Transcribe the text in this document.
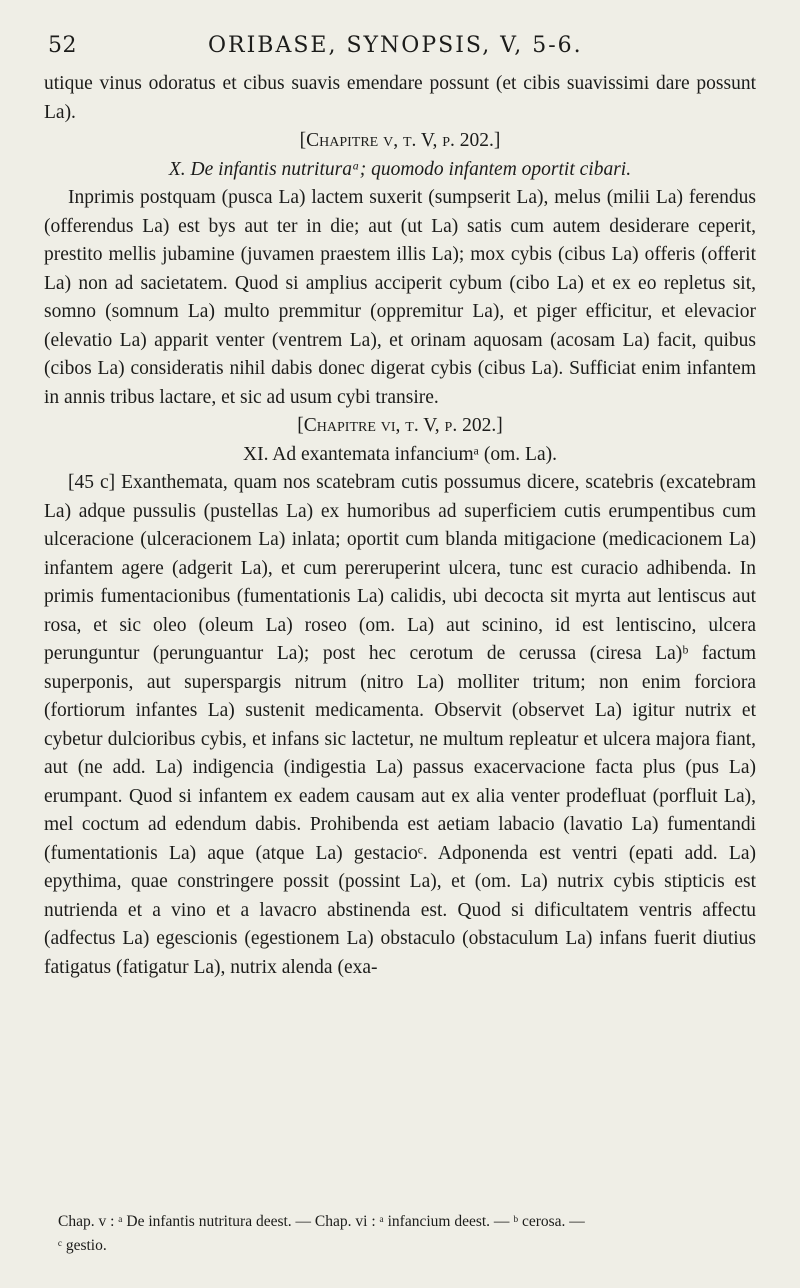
52	ORIBASE, SYNOPSIS, V, 5-6.

utique vinus odoratus et cibus suavis emendare possunt (et cibis suavissimi dare possunt La).

[Chapitre v, t. V, p. 202.]

X. De infantis nutrituraᵃ; quomodo infantem oportit cibari.

Inprimis postquam (pusca La) lactem suxerit (sumpserit La), melus (milii La) ferendus (offerendus La) est bys aut ter in die; aut (ut La) satis cum autem desiderare ceperit, prestito mellis jubamine (juvamen praestem illis La); mox cybis (cibus La) offeris (offerit La) non ad sacietatem. Quod si amplius acciperit cybum (cibo La) et ex eo repletus sit, somno (somnum La) multo premmitur (oppremitur La), et piger efficitur, et elevacior (elevatio La) apparit venter (ventrem La), et orinam aquosam (acosam La) facit, quibus (cibos La) consideratis nihil dabis donec digerat cybis (cibus La). Sufficiat enim infantem in annis tribus lactare, et sic ad usum cybi transire.

[Chapitre vi, t. V, p. 202.]

XI. Ad exantemata infanciumᵃ (om. La).

[45 c] Exanthemata, quam nos scatebram cutis possumus dicere, scatebris (excatebram La) adque pussulis (pustellas La) ex humoribus ad superficiem cutis erumpentibus cum ulceracione (ulceracionem La) inlata; oportit cum blanda mitigacione (medicacionem La) infantem agere (adgerit La), et cum pereruperint ulcera, tunc est curacio adhibenda. In primis fumentacionibus (fumentationis La) calidis, ubi decocta sit myrta aut lentiscus aut rosa, et sic oleo (oleum La) roseo (om. La) aut scinino, id est lentiscino, ulcera perunguntur (perunguantur La); post hec cerotum de cerussa (ciresa La)ᵇ factum superponis, aut superspargis nitrum (nitro La) molliter tritum; non enim forciora (fortiorum infantes La) sustenit medicamenta. Observit (observet La) igitur nutrix et cybetur dulcioribus cybis, et infans sic lactetur, ne multum repleatur et ulcera majora fiant, aut (ne add. La) indigencia (indigestia La) passus exacervacione facta plus (pus La) erumpant. Quod si infantem ex eadem causam aut ex alia venter prodefluat (porfluit La), mel coctum ad edendum dabis. Prohibenda est aetiam labacio (lavatio La) fumentandi (fumentationis La) aque (atque La) gestacioᶜ. Adponenda est ventri (epati add. La) epythima, quae constringere possit (possint La), et (om. La) nutrix cybis stipticis est nutrienda et a vino et a lavacro abstinenda est. Quod si dificultatem ventris affectu (adfectus La) egescionis (egestionem La) obstaculo (obstaculum La) infans fuerit diutius fatigatus (fatigatur La), nutrix alenda (exa-

Chap. v : ᵃ De infantis nutritura deest. — Chap. vi : ᵃ infancium deest. — ᵇ cerosa. —

ᶜ gestio.
